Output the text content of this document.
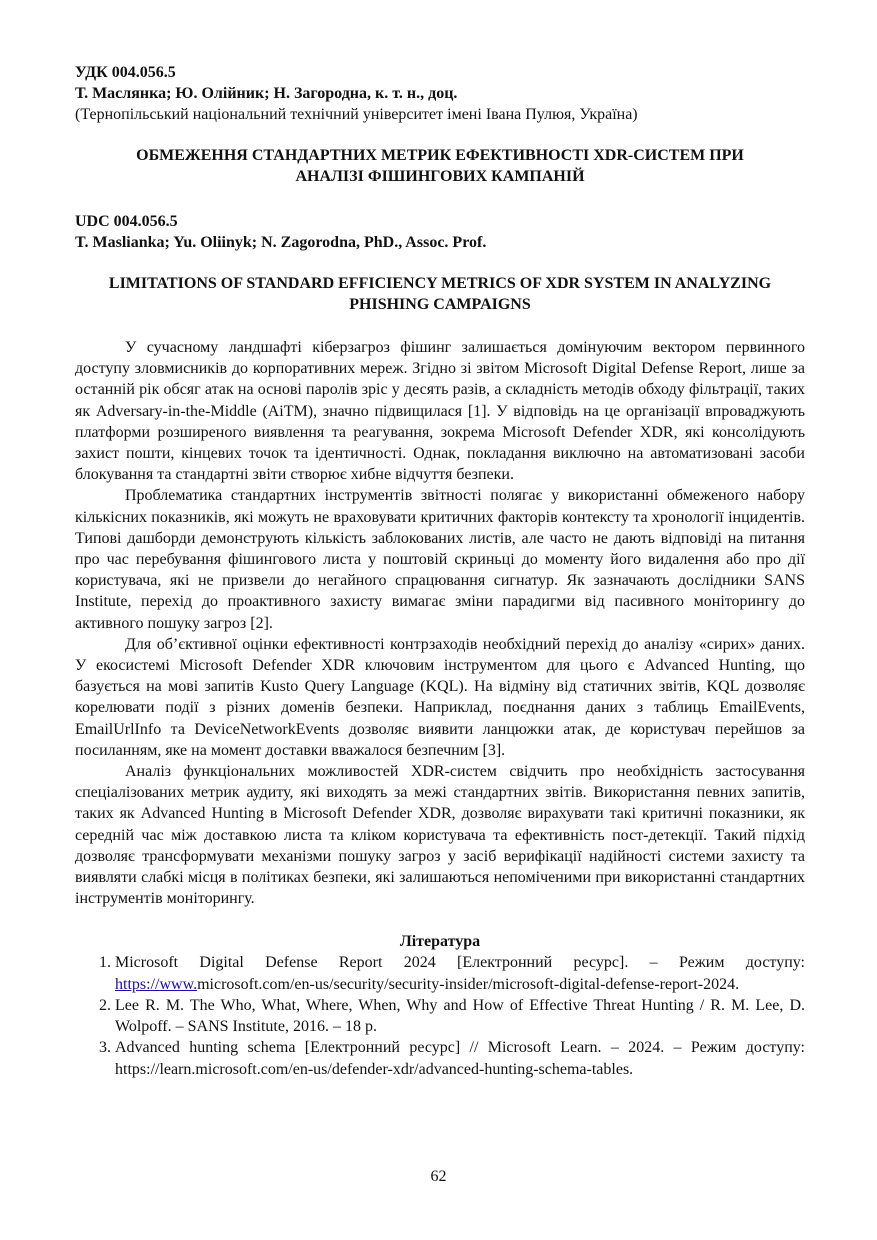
УДК 004.056.5

Т. Маслянка; Ю. Олійник; Н. Загородна, к. т. н., доц.

(Тернопільський національний технічний університет імені Івана Пулюя, Україна)

ОБМЕЖЕННЯ СТАНДАРТНИХ МЕТРИК ЕФЕКТИВНОСТІ XDR-СИСТЕМ ПРИ АНАЛІЗІ ФІШИНГОВИХ КАМПАНІЙ

UDC 004.056.5

T. Maslianka; Yu. Oliinyk; N. Zagorodna, PhD., Assoc. Prof.

LIMITATIONS OF STANDARD EFFICIENCY METRICS OF XDR SYSTEM IN ANALYZING PHISHING CAMPAIGNS

У сучасному ландшафті кіберзагроз фішинг залишається домінуючим вектором первинного доступу зловмисників до корпоративних мереж. Згідно зі звітом Microsoft Digital Defense Report, лише за останній рік обсяг атак на основі паролів зріс у десять разів, а складність методів обходу фільтрації, таких як Adversary-in-the-Middle (AiTM), значно підвищилася [1]. У відповідь на це організації впроваджують платформи розширеного виявлення та реагування, зокрема Microsoft Defender XDR, які консолідують захист пошти, кінцевих точок та ідентичності. Однак, покладання виключно на автоматизовані засоби блокування та стандартні звіти створює хибне відчуття безпеки.

Проблематика стандартних інструментів звітності полягає у використанні обмеженого набору кількісних показників, які можуть не враховувати критичних факторів контексту та хронології інцидентів. Типові дашборди демонструють кількість заблокованих листів, але часто не дають відповіді на питання про час перебування фішингового листа у поштовій скриньці до моменту його видалення або про дії користувача, які не призвели до негайного спрацювання сигнатур. Як зазначають дослідники SANS Institute, перехід до проактивного захисту вимагає зміни парадигми від пасивного моніторингу до активного пошуку загроз [2].

Для об’єктивної оцінки ефективності контрзаходів необхідний перехід до аналізу «сирих» даних. У екосистемі Microsoft Defender XDR ключовим інструментом для цього є Advanced Hunting, що базується на мові запитів Kusto Query Language (KQL). На відміну від статичних звітів, KQL дозволяє корелювати події з різних доменів безпеки. Наприклад, поєднання даних з таблиць EmailEvents, EmailUrlInfo та DeviceNetworkEvents дозволяє виявити ланцюжки атак, де користувач перейшов за посиланням, яке на момент доставки вважалося безпечним [3].

Аналіз функціональних можливостей XDR-систем свідчить про необхідність застосування спеціалізованих метрик аудиту, які виходять за межі стандартних звітів. Використання певних запитів, таких як Advanced Hunting в Microsoft Defender XDR, дозволяє вирахувати такі критичні показники, як середній час між доставкою листа та кліком користувача та ефективність пост-детекції. Такий підхід дозволяє трансформувати механізми пошуку загроз у засіб верифікації надійності системи захисту та виявляти слабкі місця в політиках безпеки, які залишаються непоміченими при використанні стандартних інструментів моніторингу.

Література
1. Microsoft Digital Defense Report 2024 [Електронний ресурс]. – Режим доступу: https://www.microsoft.com/en-us/security/security-insider/microsoft-digital-defense-report-2024.
2. Lee R. M. The Who, What, Where, When, Why and How of Effective Threat Hunting / R. M. Lee, D. Wolpoff. – SANS Institute, 2016. – 18 p.
3. Advanced hunting schema [Електронний ресурс] // Microsoft Learn. – 2024. – Режим доступу: https://learn.microsoft.com/en-us/defender-xdr/advanced-hunting-schema-tables.
62
